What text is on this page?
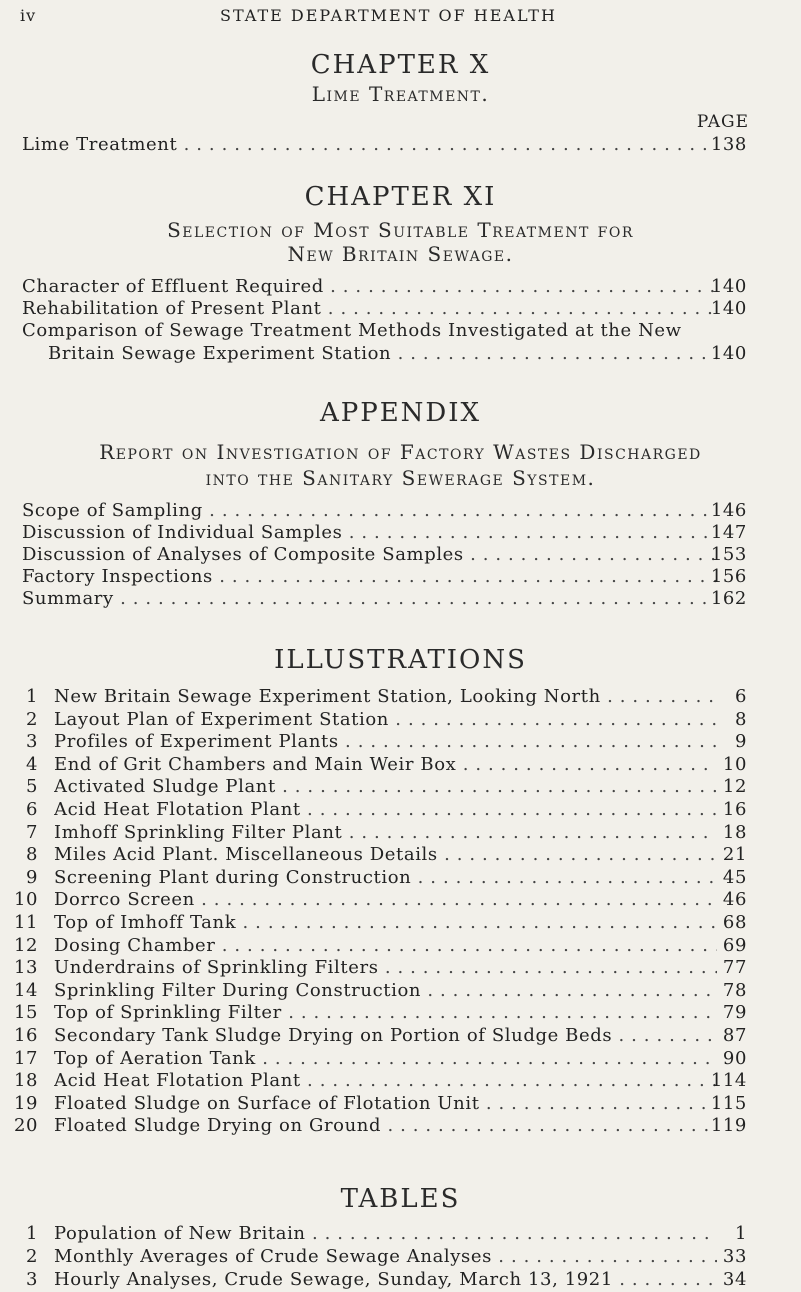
iv	STATE DEPARTMENT OF HEALTH
CHAPTER X
Lime Treatment.
PAGE
Lime Treatment . . .	138
CHAPTER XI
Selection of Most Suitable Treatment for
New Britain Sewage.
Character of Effluent Required . . .	140
Rehabilitation of Present Plant . . .	140
Comparison of Sewage Treatment Methods Investigated at the New
Britain Sewage Experiment Station . . .	140
APPENDIX
Report on Investigation of Factory Wastes Discharged
into the Sanitary Sewerage System.
Scope of Sampling . . .	146
Discussion of Individual Samples . . .	147
Discussion of Analyses of Composite Samples . . .	153
Factory Inspections . . .	156
Summary . . .	162
ILLUSTRATIONS
1 New Britain Sewage Experiment Station, Looking North . . .	6
2 Layout Plan of Experiment Station . . .	8
3 Profiles of Experiment Plants . . .	9
4 End of Grit Chambers and Main Weir Box . . .	10
5 Activated Sludge Plant . . .	12
6 Acid Heat Flotation Plant . . .	16
7 Imhoff Sprinkling Filter Plant . . .	18
8 Miles Acid Plant. Miscellaneous Details . . .	21
9 Screening Plant during Construction . . .	45
10 Dorrco Screen . . .	46
11 Top of Imhoff Tank . . .	68
12 Dosing Chamber . . .	69
13 Underdrains of Sprinkling Filters . . .	77
14 Sprinkling Filter During Construction . . .	78
15 Top of Sprinkling Filter . . .	79
16 Secondary Tank Sludge Drying on Portion of Sludge Beds . . .	87
17 Top of Aeration Tank . . .	90
18 Acid Heat Flotation Plant . . .	114
19 Floated Sludge on Surface of Flotation Unit . . .	115
20 Floated Sludge Drying on Ground . . .	119
TABLES
1 Population of New Britain . . .	1
2 Monthly Averages of Crude Sewage Analyses . . .	33
3 Hourly Analyses, Crude Sewage, Sunday, March 13, 1921 . . .	34
